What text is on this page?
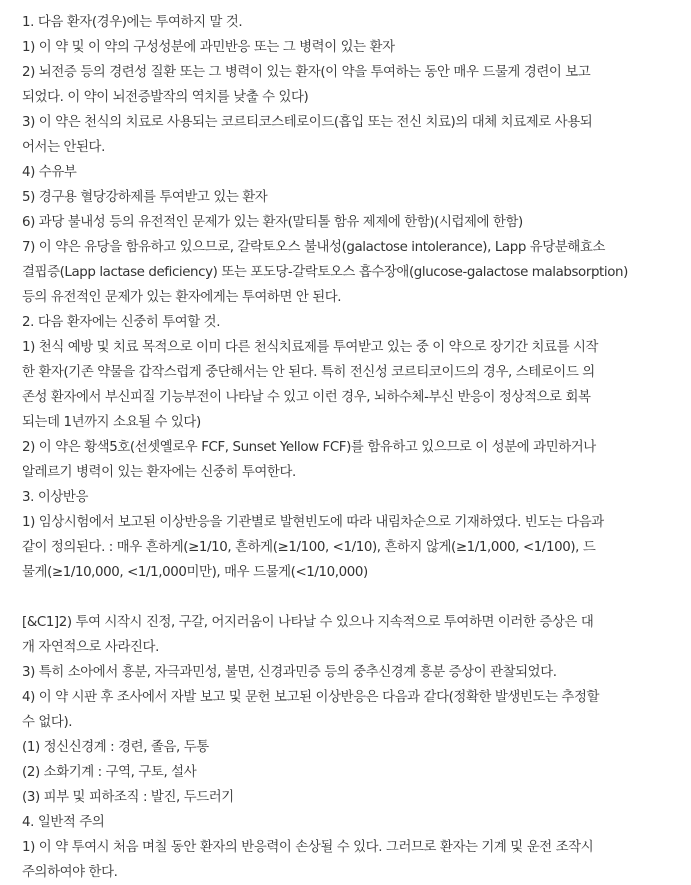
1. 다음 환자(경우)에는 투여하지 말 것.
1) 이 약 및 이 약의 구성성분에 과민반응 또는 그 병력이 있는 환자
2) 뇌전증 등의 경련성 질환 또는 그 병력이 있는 환자(이 약을 투여하는 동안 매우 드물게 경련이 보고
되었다. 이 약이 뇌전증발작의 역치를 낮출 수 있다)
3) 이 약은 천식의 치료로 사용되는 코르티코스테로이드(흡입 또는 전신 치료)의 대체 치료제로 사용되
어서는 안된다.
4) 수유부
5) 경구용 혈당강하제를 투여받고 있는 환자
6) 과당 불내성 등의 유전적인 문제가 있는 환자(말티톨 함유 제제에 한함)(시럽제에 한함)
7) 이 약은 유당을 함유하고 있으므로, 갈락토오스 불내성(galactose intolerance), Lapp 유당분해효소
결핍증(Lapp lactase deficiency) 또는 포도당-갈락토오스 흡수장애(glucose-galactose malabsorption)
등의 유전적인 문제가 있는 환자에게는 투여하면 안 된다.
2. 다음 환자에는 신중히 투여할 것.
1) 천식 예방 및 치료 목적으로 이미 다른 천식치료제를 투여받고 있는 중 이 약으로 장기간 치료를 시작
한 환자(기존 약물을 갑작스럽게 중단해서는 안 된다. 특히 전신성 코르티코이드의 경우, 스테로이드 의
존성 환자에서 부신피질 기능부전이 나타날 수 있고 이런 경우, 뇌하수체-부신 반응이 정상적으로 회복
되는데 1년까지 소요될 수 있다)
2) 이 약은 황색5호(선셋옐로우 FCF, Sunset Yellow FCF)를 함유하고 있으므로 이 성분에 과민하거나
알레르기 병력이 있는 환자에는 신중히 투여한다.
3. 이상반응
1) 임상시험에서 보고된 이상반응을 기관별로 발현빈도에 따라 내림차순으로 기재하였다. 빈도는 다음과
같이 정의된다. : 매우 흔하게(≥1/10, 흔하게(≥1/100, <1/10), 흔하지 않게(≥1/1,000, <1/100), 드
물게(≥1/10,000, <1/1,000미만), 매우 드물게(<1/10,000)
[&C1]2) 투여 시작시 진정, 구갈, 어지러움이 나타날 수 있으나 지속적으로 투여하면 이러한 증상은 대
개 자연적으로 사라진다.
3) 특히 소아에서 흥분, 자극과민성, 불면, 신경과민증 등의 중추신경계 흥분 증상이 관찰되었다.
4) 이 약 시판 후 조사에서 자발 보고 및 문헌 보고된 이상반응은 다음과 같다(정확한 발생빈도는 추정할
수 없다).
(1) 정신신경계 : 경련, 졸음, 두통
(2) 소화기계 : 구역, 구토, 설사
(3) 피부 및 피하조직 : 발진, 두드러기
4. 일반적 주의
1) 이 약 투여시 처음 며칠 동안 환자의 반응력이 손상될 수 있다. 그러므로 환자는 기계 및 운전 조작시
주의하여야 한다.
